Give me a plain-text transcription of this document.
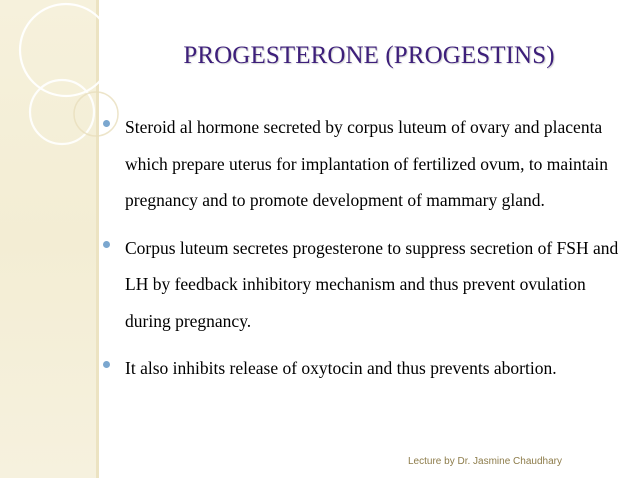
PROGESTERONE (PROGESTINS)
Steroid al hormone secreted by corpus luteum of ovary and placenta which prepare uterus for implantation of fertilized ovum, to maintain pregnancy and to promote development of mammary gland.
Corpus luteum secretes progesterone to suppress secretion of FSH and LH by feedback inhibitory mechanism and thus prevent ovulation during pregnancy.
It also inhibits release of oxytocin and thus prevents abortion.
Lecture by Dr. Jasmine Chaudhary
